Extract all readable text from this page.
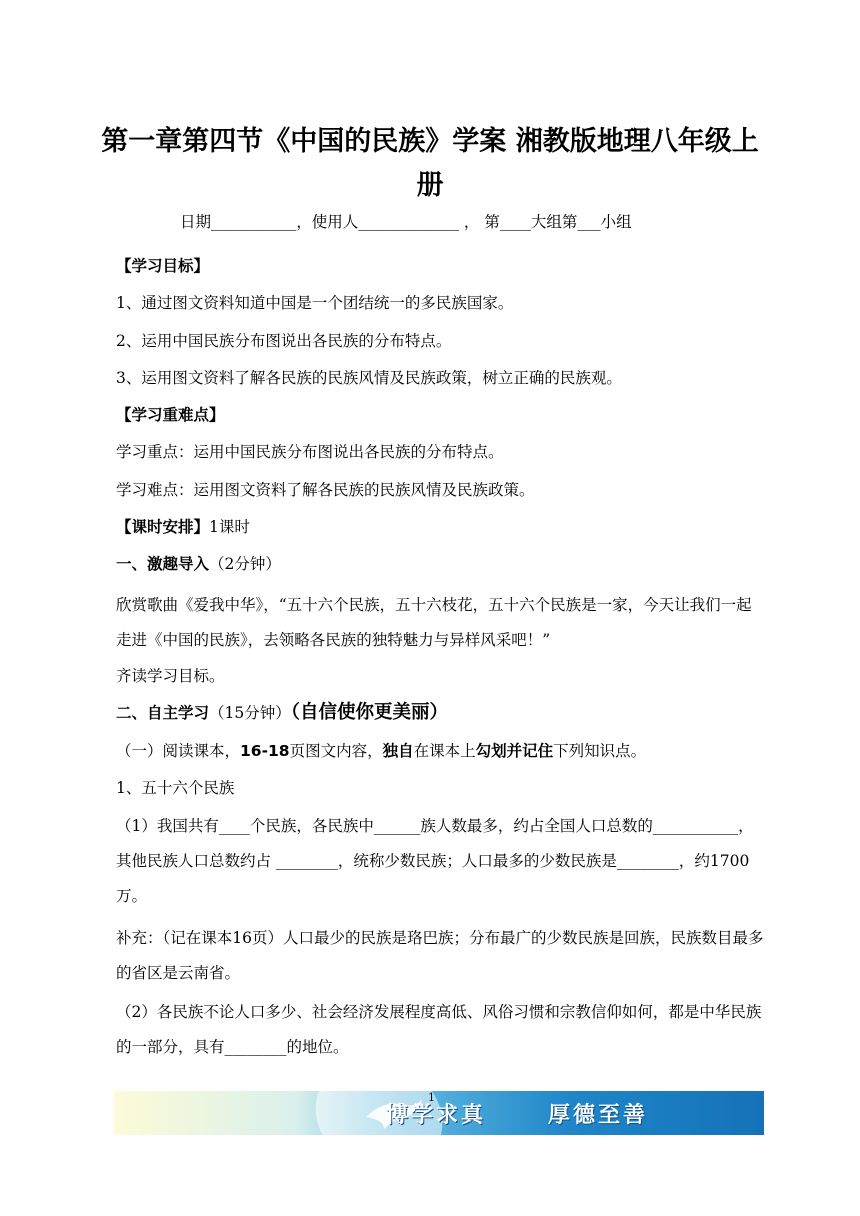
第一章第四节《中国的民族》学案 湘教版地理八年级上
册
日期___________，使用人_____________ ， 第____大组第___小组
【学习目标】
1、通过图文资料知道中国是一个团结统一的多民族国家。
2、运用中国民族分布图说出各民族的分布特点。
3、运用图文资料了解各民族的民族风情及民族政策，树立正确的民族观。
【学习重难点】
学习重点：运用中国民族分布图说出各民族的分布特点。
学习难点：运用图文资料了解各民族的民族风情及民族政策。
【课时安排】1课时
一、激趣导入（2分钟）
欣赏歌曲《爱我中华》，“五十六个民族，五十六枝花，五十六个民族是一家，今天让我们一起走进《中国的民族》，去领略各民族的独特魅力与异样风采吧！”
齐读学习目标。
二、自主学习（15分钟）（自信使你更美丽）
（一）阅读课本，16-18页图文内容，独自在课本上勾划并记住下列知识点。
1、五十六个民族
（1）我国共有____个民族，各民族中______族人数最多，约占全国人口总数的___________，其他民族人口总数约占 ________，统称少数民族；人口最多的少数民族是________，约1700万。
补充：（记在课本16页）人口最少的民族是珞巴族；分布最广的少数民族是回族，民族数目最多的省区是云南省。
（2）各民族不论人口多少、社会经济发展程度高低、风俗习惯和宗教信仰如何，都是中华民族的一部分，具有________的地位。
博学求真	厚德至善
1
